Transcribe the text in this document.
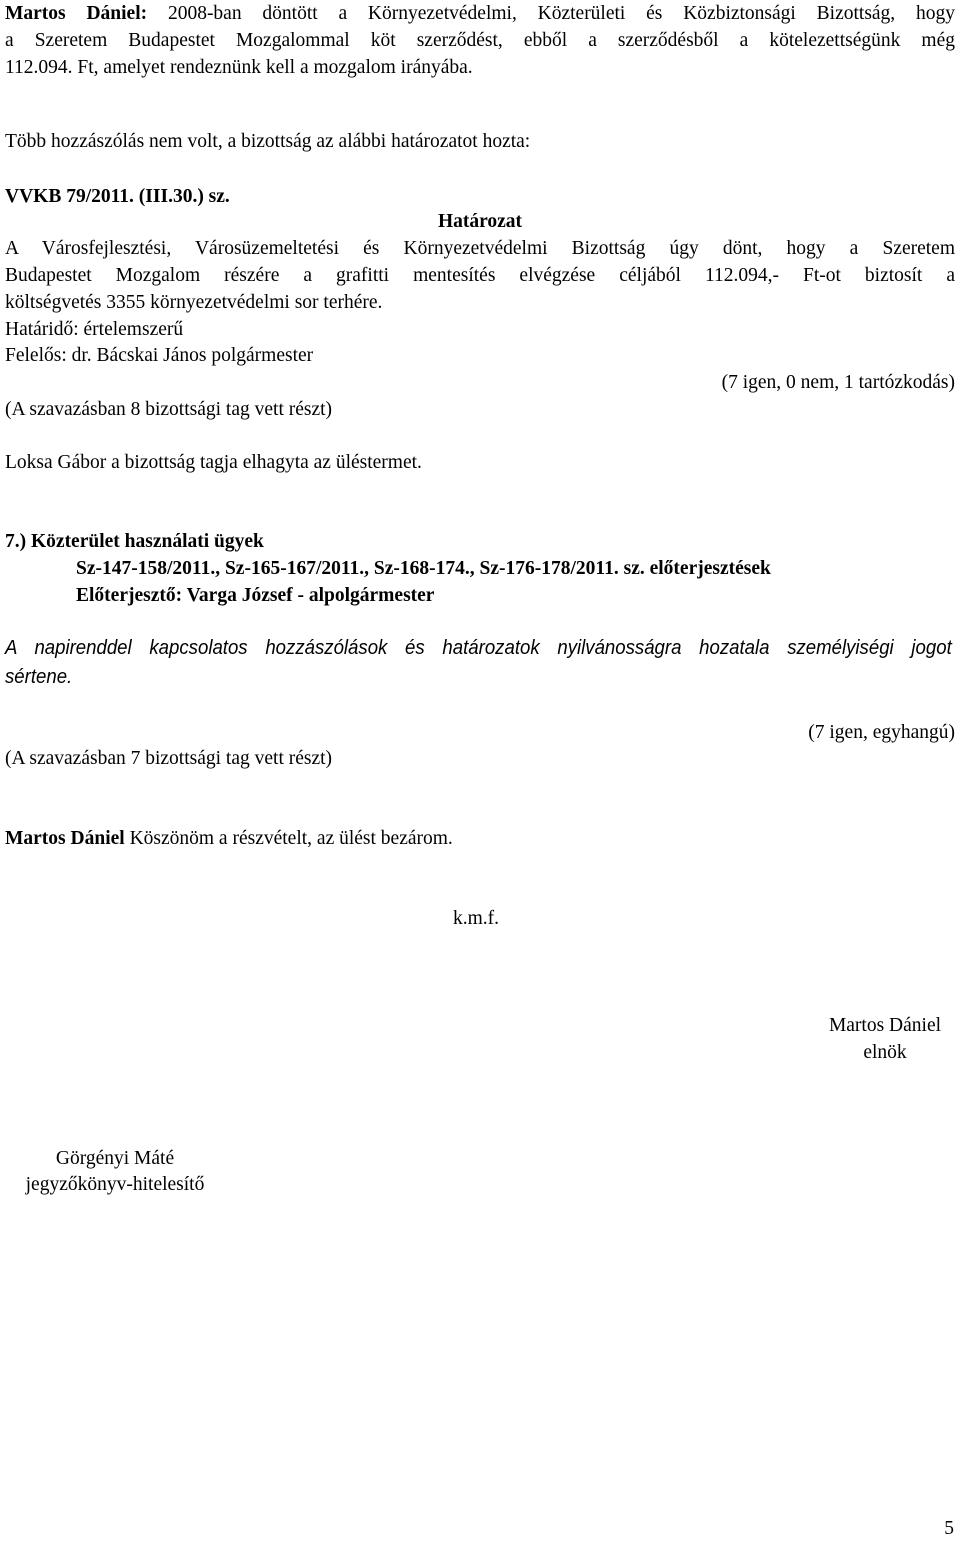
Martos Dániel: 2008-ban döntött a Környezetvédelmi, Közterületi és Közbiztonsági Bizottság, hogy
a Szeretem Budapestet Mozgalommal köt szerződést, ebből a szerződésből a kötelezettségünk még
112.094. Ft, amelyet rendeznünk kell a mozgalom irányába.
Több hozzászólás nem volt, a bizottság az alábbi határozatot hozta:
VVKB 79/2011. (III.30.) sz.
Határozat
A Városfejlesztési, Városüzemeltetési és Környezetvédelmi Bizottság úgy dönt, hogy a Szeretem
Budapestet Mozgalom részére a grafitti mentesítés elvégzése céljából 112.094,- Ft-ot biztosít a
költségvetés 3355 környezetvédelmi sor terhére.
Határidő: értelemszerű
Felelős: dr. Bácskai János polgármester
(7 igen, 0 nem, 1 tartózkodás)
(A szavazásban 8 bizottsági tag vett részt)
Loksa Gábor a bizottság tagja elhagyta az üléstermet.
7.) Közterület használati ügyek
Sz-147-158/2011., Sz-165-167/2011., Sz-168-174., Sz-176-178/2011. sz. előterjesztések
Előterjesztő: Varga József - alpolgármester
A napirenddel kapcsolatos hozzászólások és határozatok nyilvánosságra hozatala személyiségi jogot
sértene.
(7 igen, egyhangú)
(A szavazásban 7 bizottsági tag vett részt)
Martos Dániel Köszönöm a részvételt, az ülést bezárom.
k.m.f.
Martos Dániel
elnök
Görgényi Máté
jegyzőkönyv-hitelesítő
5
